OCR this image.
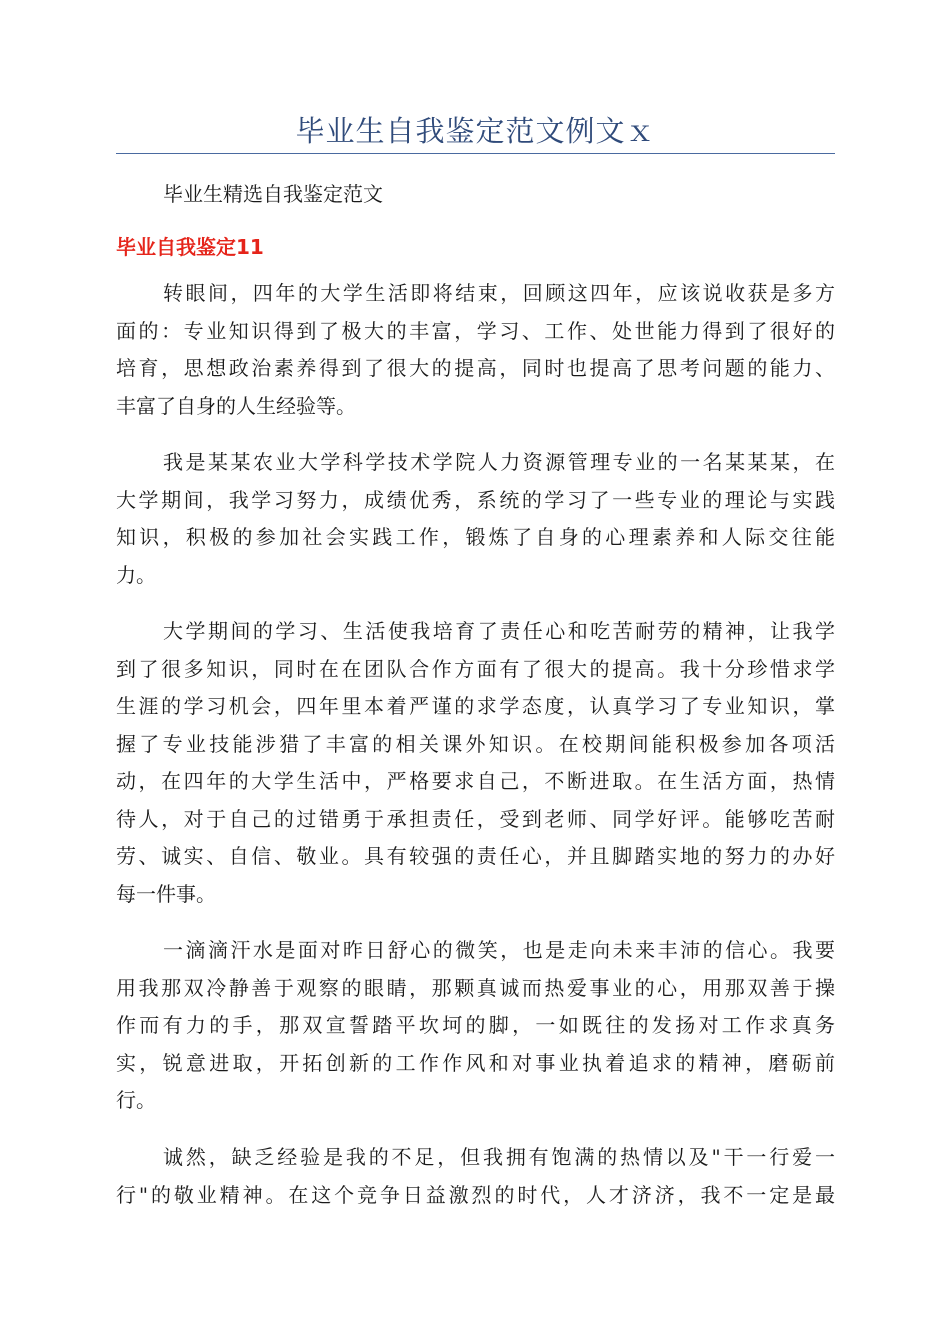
毕业生自我鉴定范文例文ｘ
毕业生精选自我鉴定范文
毕业自我鉴定11
转眼间，四年的大学生活即将结束，回顾这四年，应该说收获是多方
面的：专业知识得到了极大的丰富，学习、工作、处世能力得到了很好的
培育，思想政治素养得到了很大的提高，同时也提高了思考问题的能力、
丰富了自身的人生经验等。
我是某某农业大学科学技术学院人力资源管理专业的一名某某某，在
大学期间，我学习努力，成绩优秀，系统的学习了一些专业的理论与实践
知识，积极的参加社会实践工作，锻炼了自身的心理素养和人际交往能
力。
大学期间的学习、生活使我培育了责任心和吃苦耐劳的精神，让我学
到了很多知识，同时在在团队合作方面有了很大的提高。我十分珍惜求学
生涯的学习机会，四年里本着严谨的求学态度，认真学习了专业知识，掌
握了专业技能涉猎了丰富的相关课外知识。在校期间能积极参加各项活
动，在四年的大学生活中，严格要求自己，不断进取。在生活方面，热情
待人，对于自己的过错勇于承担责任，受到老师、同学好评。能够吃苦耐
劳、诚实、自信、敬业。具有较强的责任心，并且脚踏实地的努力的办好
每一件事。
一滴滴汗水是面对昨日舒心的微笑，也是走向未来丰沛的信心。我要
用我那双冷静善于观察的眼睛，那颗真诚而热爱事业的心，用那双善于操
作而有力的手，那双宣誓踏平坎坷的脚，一如既往的发扬对工作求真务
实，锐意进取，开拓创新的工作作风和对事业执着追求的精神，磨砺前
行。
诚然，缺乏经验是我的不足，但我拥有饱满的热情以及"干一行爱一
行"的敬业精神。在这个竞争日益激烈的时代，人才济济，我不一定是最
